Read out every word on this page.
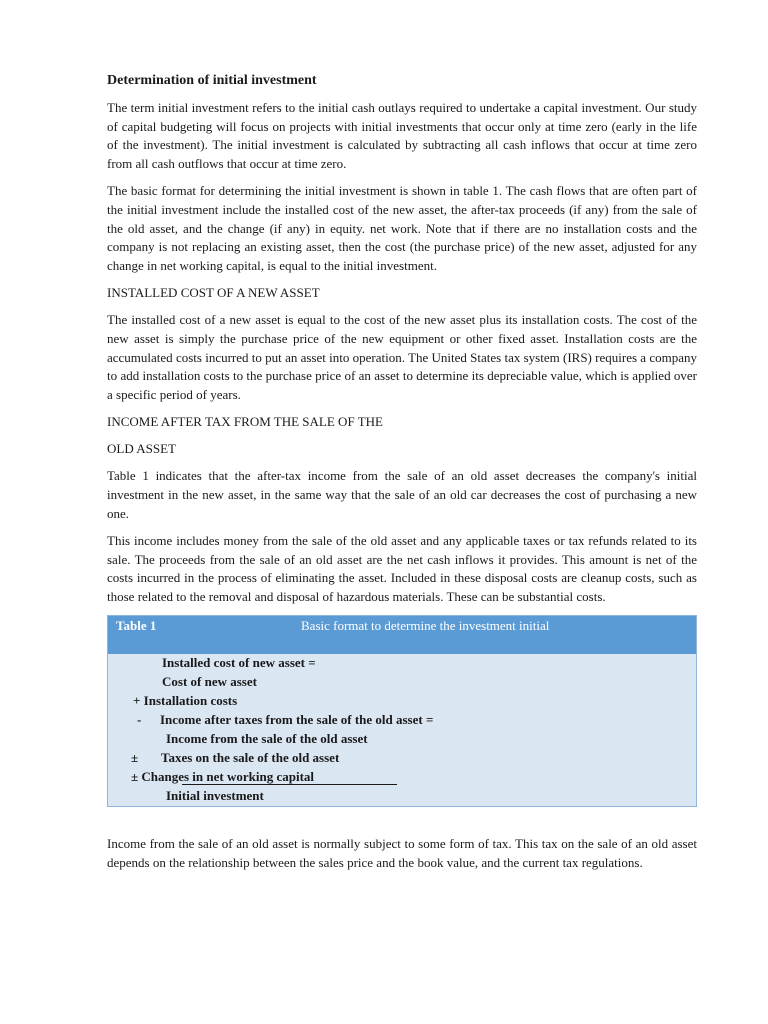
Determination of initial investment

The term initial investment refers to the initial cash outlays required to undertake a capital investment. Our study of capital budgeting will focus on projects with initial investments that occur only at time zero (early in the life of the investment). The initial investment is calculated by subtracting all cash inflows that occur at time zero from all cash outflows that occur at time zero.

The basic format for determining the initial investment is shown in table 1. The cash flows that are often part of the initial investment include the installed cost of the new asset, the after-tax proceeds (if any) from the sale of the old asset, and the change (if any) in equity. net work. Note that if there are no installation costs and the company is not replacing an existing asset, then the cost (the purchase price) of the new asset, adjusted for any change in net working capital, is equal to the initial investment.

INSTALLED COST OF A NEW ASSET

The installed cost of a new asset is equal to the cost of the new asset plus its installation costs. The cost of the new asset is simply the purchase price of the new equipment or other fixed asset. Installation costs are the accumulated costs incurred to put an asset into operation. The United States tax system (IRS) requires a company to add installation costs to the purchase price of an asset to determine its depreciable value, which is applied over a specific period of years.

INCOME AFTER TAX FROM THE SALE OF THE
OLD ASSET

Table 1 indicates that the after-tax income from the sale of an old asset decreases the company's initial investment in the new asset, in the same way that the sale of an old car decreases the cost of purchasing a new one.

This income includes money from the sale of the old asset and any applicable taxes or tax refunds related to its sale. The proceeds from the sale of an old asset are the net cash inflows it provides. This amount is net of the costs incurred in the process of eliminating the asset. Included in these disposal costs are cleanup costs, such as those related to the removal and disposal of hazardous materials. These can be substantial costs.

Table 1	Basic format to determine the investment initial
Installed cost of new asset =
Cost of new asset
+ Installation costs
- Income after taxes from the sale of the old asset =
Income from the sale of the old asset
± Taxes on the sale of the old asset
± Changes in net working capital
Initial investment

Income from the sale of an old asset is normally subject to some form of tax. This tax on the sale of an old asset depends on the relationship between the sales price and the book value, and the current tax regulations.
